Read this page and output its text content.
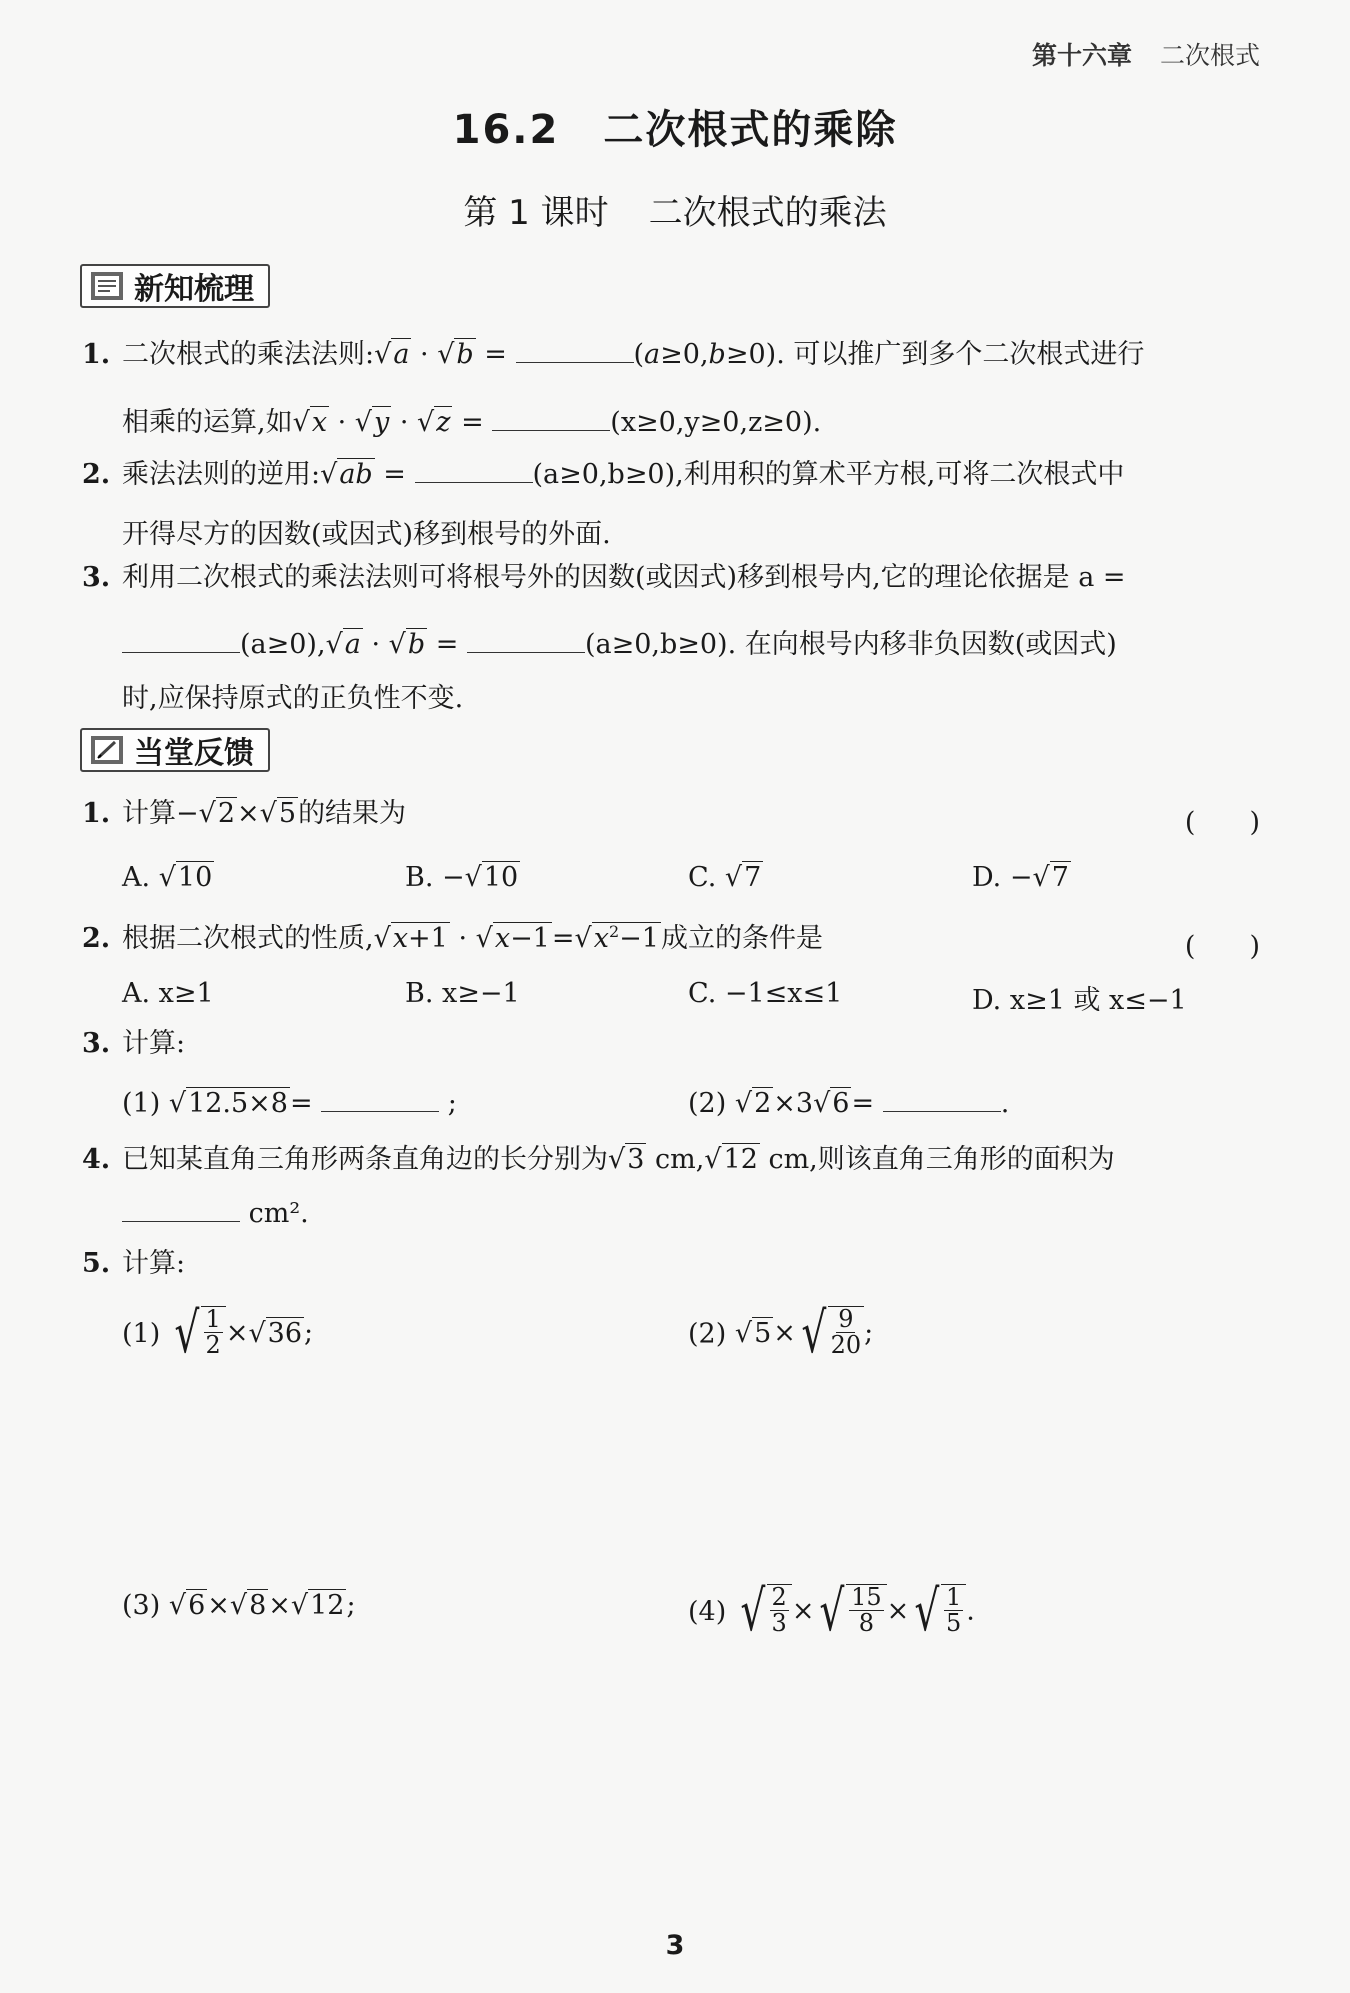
第十六章 二次根式
16.2 二次根式的乘除
第 1 课时 二次根式的乘法
新知梳理
1. 二次根式的乘法法则:√a · √b =	(a≥0,b≥0). 可以推广到多个二次根式进行
相乘的运算,如√x · √y · √z =	(x≥0,y≥0,z≥0).
2. 乘法法则的逆用:√ab =	(a≥0,b≥0),利用积的算术平方根,可将二次根式中
开得尽方的因数(或因式)移到根号的外面.
3. 利用二次根式的乘法法则可将根号外的因数(或因式)移到根号内,它的理论依据是 a =
(a≥0),√a · √b =	(a≥0,b≥0). 在向根号内移非负因数(或因式)
时,应保持原式的正负性不变.
当堂反馈
1. 计算−√2×√5的结果为	(　　)
A. √10	B. −√10	C. √7	D. −√7
2. 根据二次根式的性质$,√x+1 \cdot √x-1=√x^2-1$成立的条件是	(　　)
A. x≥1	B. x≥−1	C. −1≤x≤1	D. x≥1 或 x≤−1
3. 计算:
(1) √12.5×8=	;	(2) √2×3√6=	.
4. 已知某直角三角形两条直角边的长分别为√3 cm,√12 cm,则该直角三角形的面积为
cm².
5. 计算:
(1) √ $\frac{1}{2} \times√36$;	(2) √5× √ $\frac{9}{20}$ ;
(3) √6×√8×√12;	(4) √ $\frac{2}{3}$ × √ $\frac{15}{8}$ × √ $\frac{1}{5}$ .
3
